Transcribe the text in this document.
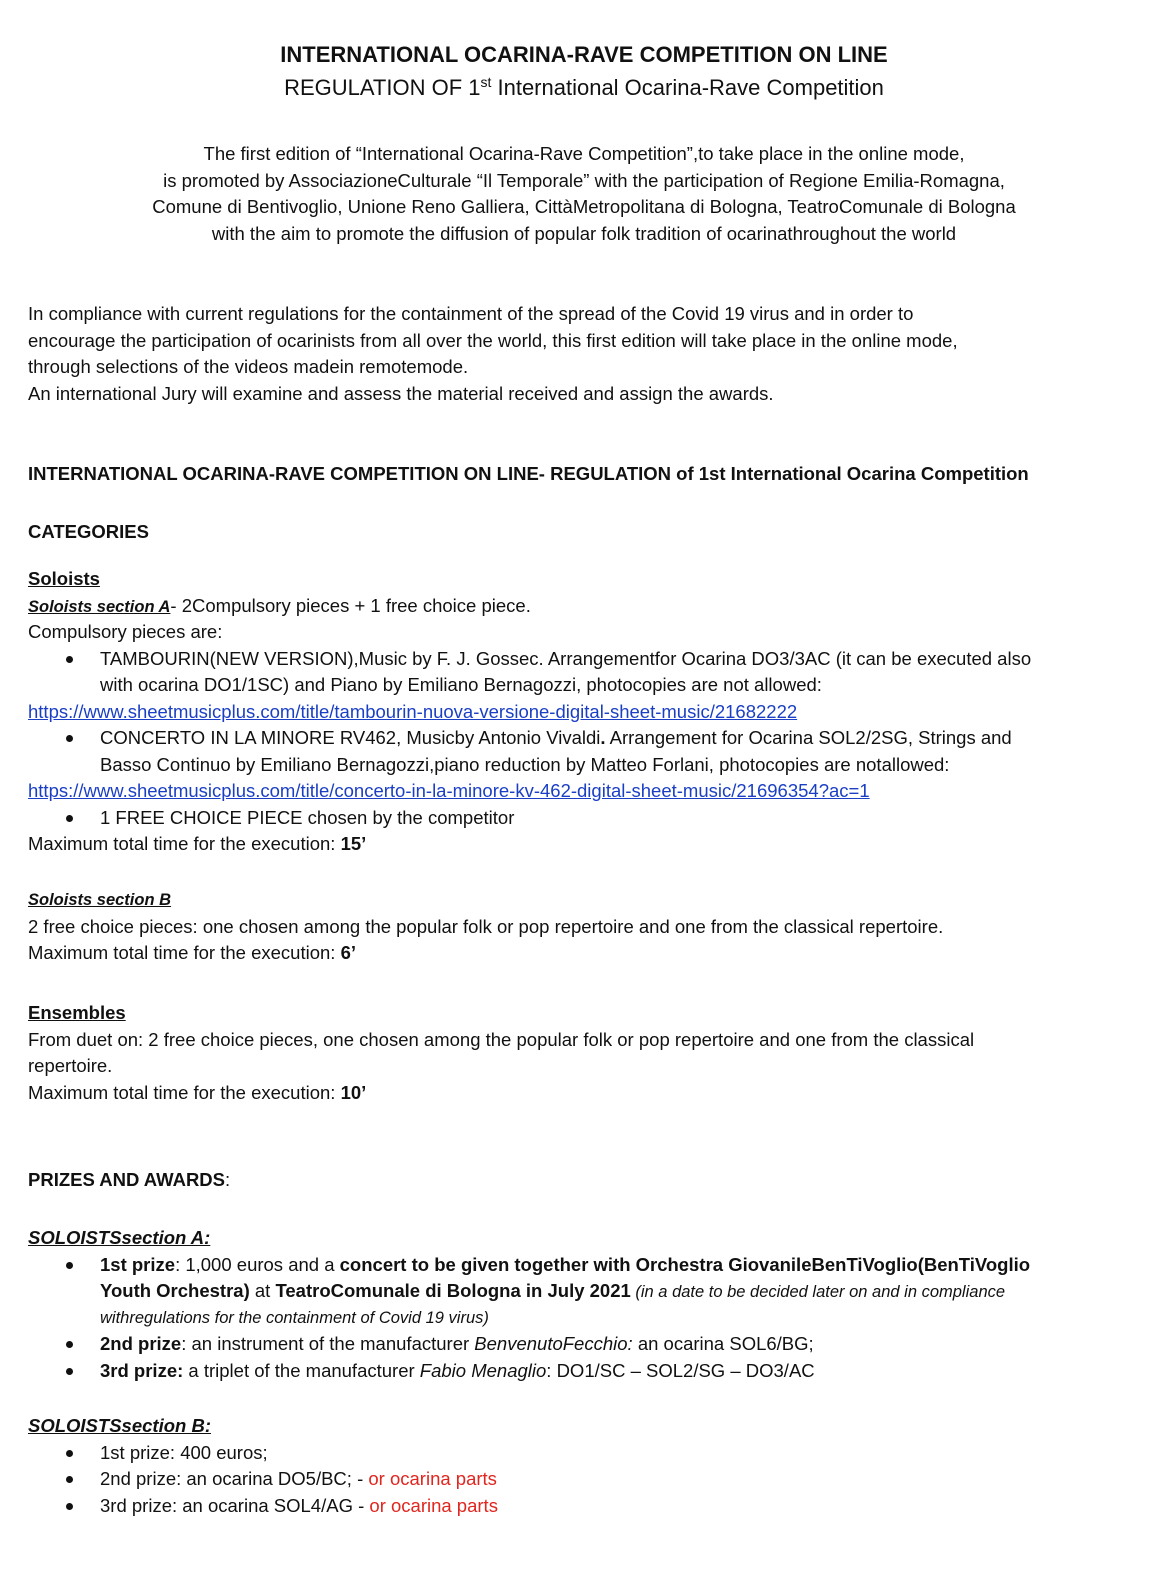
INTERNATIONAL OCARINA-RAVE COMPETITION ON LINE
REGULATION OF 1st International Ocarina-Rave Competition
The first edition of “International Ocarina-Rave Competition”,to take place in the online mode,
is promoted by AssociazioneCulturale “Il Temporale” with the participation of Regione Emilia-Romagna,
Comune di Bentivoglio, Unione Reno Galliera, CittàMetropolitana di Bologna, TeatroComunale di Bologna
with the aim to promote the diffusion of popular folk tradition of ocarinathroughout the world
In compliance with current regulations for the containment of the spread of the Covid 19 virus and in order to
encourage the participation of ocarinists from all over the world, this first edition will take place in the online mode,
through selections of the videos madein remotemode.
An international Jury will examine and assess the material received and assign the awards.
INTERNATIONAL OCARINA-RAVE COMPETITION ON LINE- REGULATION of 1st International Ocarina Competition
CATEGORIES
Soloists
Soloists section A- 2Compulsory pieces + 1 free choice piece.
Compulsory pieces are:
TAMBOURIN(NEW VERSION),Music by F. J. Gossec. Arrangementfor Ocarina DO3/3AC (it can be executed also
with ocarina DO1/1SC) and Piano by Emiliano Bernagozzi, photocopies are not allowed:
https://www.sheetmusicplus.com/title/tambourin-nuova-versione-digital-sheet-music/21682222
CONCERTO IN LA MINORE RV462, Musicby Antonio Vivaldi. Arrangement for Ocarina SOL2/2SG, Strings and
Basso Continuo by Emiliano Bernagozzi,piano reduction by Matteo Forlani, photocopies are notallowed:
https://www.sheetmusicplus.com/title/concerto-in-la-minore-kv-462-digital-sheet-music/21696354?ac=1
1 FREE CHOICE PIECE chosen by the competitor
Maximum total time for the execution: 15’
Soloists section B
2 free choice pieces: one chosen among the popular folk or pop repertoire and one from the classical repertoire.
Maximum total time for the execution: 6’
Ensembles
From duet on: 2 free choice pieces, one chosen among the popular folk or pop repertoire and one from the classical
repertoire.
Maximum total time for the execution: 10’
PRIZES AND AWARDS:
SOLOISTSsection A:
1st prize: 1,000 euros and a concert to be given together with Orchestra GiovanileBenTiVoglio(BenTiVoglio
Youth Orchestra) at TeatroComunale di Bologna in July 2021 (in a date to be decided later on and in compliance
withregulations for the containment of Covid 19 virus)
2nd prize: an instrument of the manufacturer BenvenutoFecchio: an ocarina SOL6/BG;
3rd prize: a triplet of the manufacturer Fabio Menaglio: DO1/SC – SOL2/SG – DO3/AC
SOLOISTSsection B:
1st prize: 400 euros;
2nd prize: an ocarina DO5/BC; - or ocarina parts
3rd prize: an ocarina SOL4/AG - or ocarina parts
